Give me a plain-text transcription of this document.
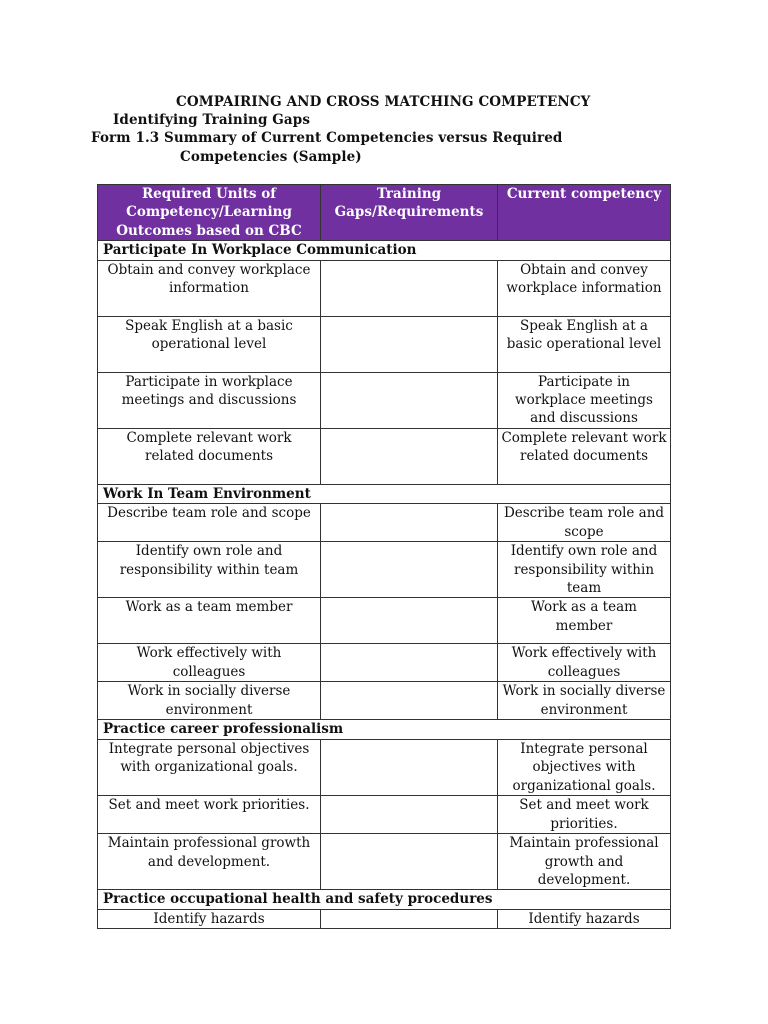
COMPAIRING AND CROSS MATCHING COMPETENCY
Identifying Training Gaps
Form 1.3 Summary of Current Competencies versus Required
Competencies (Sample)
Required Units of Competency/Learning Outcomes based on CBC	Training Gaps/Requirements	Current competency
Participate In Workplace Communication		
Obtain and convey workplace information		Obtain and convey workplace information
Speak English at a basic operational level		Speak English at a basic operational level
Participate in workplace meetings and discussions		Participate in workplace meetings and discussions
Complete relevant work related documents		Complete relevant work related documents
Work In Team Environment		
Describe team role and scope		Describe team role and scope
Identify own role and responsibility within team		Identify own role and responsibility within team
Work as a team member		Work as a team member
Work effectively with colleagues		Work effectively with colleagues
Work in socially diverse environment		Work in socially diverse environment
Practice career professionalism		
Integrate personal objectives with organizational goals.		Integrate personal objectives with organizational goals.
Set and meet work priorities.		Set and meet work priorities.
Maintain professional growth and development.		Maintain professional growth and development.
Practice occupational health and safety procedures		
Identify hazards		Identify hazards
